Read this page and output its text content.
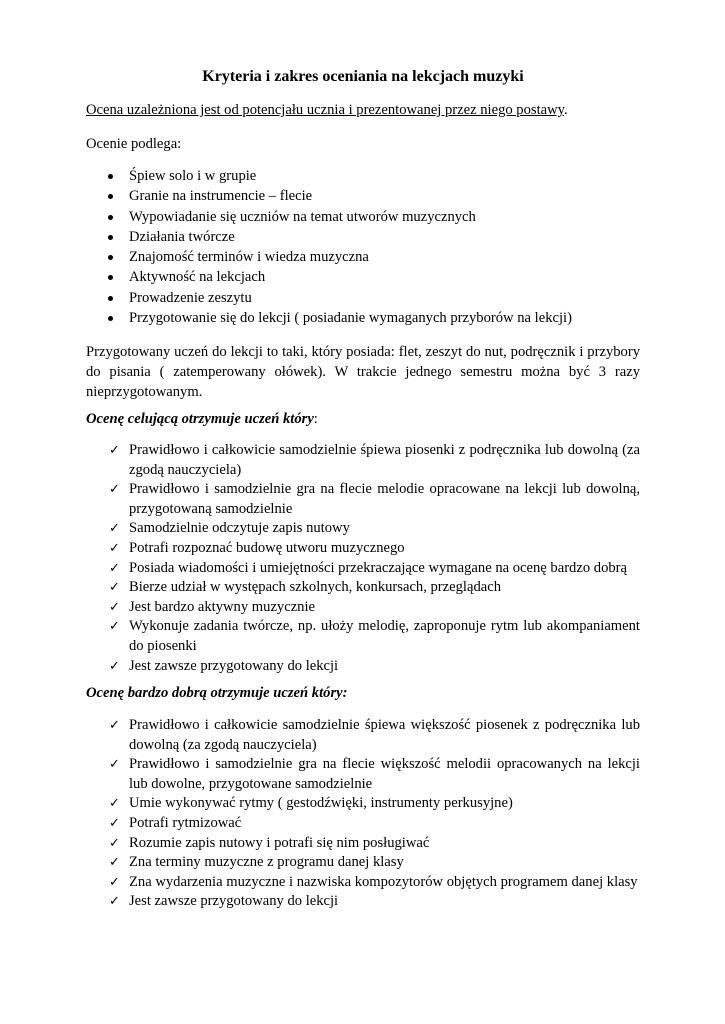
Kryteria i zakres oceniania na lekcjach muzyki
Ocena uzależniona jest od potencjału ucznia i prezentowanej przez niego postawy.
Ocenie podlega:
Śpiew solo i w grupie
Granie na instrumencie – flecie
Wypowiadanie się uczniów na temat utworów muzycznych
Działania twórcze
Znajomość terminów i wiedza muzyczna
Aktywność na lekcjach
Prowadzenie zeszytu
Przygotowanie się do lekcji ( posiadanie wymaganych przyborów na lekcji)
Przygotowany uczeń do lekcji to taki, który posiada: flet, zeszyt do nut, podręcznik i przybory do pisania ( zatemperowany ołówek). W trakcie jednego semestru można być 3 razy nieprzygotowanym.
Ocenę celującą otrzymuje uczeń który:
✓ Prawidłowo i całkowicie samodzielnie śpiewa piosenki z podręcznika lub dowolną (za zgodą nauczyciela)
✓ Prawidłowo i samodzielnie gra na flecie melodie opracowane na lekcji lub dowolną, przygotowaną samodzielnie
✓ Samodzielnie odczytuje zapis nutowy
✓ Potrafi rozpoznać budowę utworu muzycznego
✓ Posiada wiadomości i umiejętności przekraczające wymagane na ocenę bardzo dobrą
✓ Bierze udział w występach szkolnych, konkursach, przeglądach
✓ Jest bardzo aktywny muzycznie
✓ Wykonuje zadania twórcze, np. ułoży melodię, zaproponuje rytm lub akompaniament do piosenki
✓ Jest zawsze przygotowany do lekcji
Ocenę bardzo dobrą otrzymuje uczeń który:
✓ Prawidłowo i całkowicie samodzielnie śpiewa większość piosenek z podręcznika lub dowolną (za zgodą nauczyciela)
✓ Prawidłowo i samodzielnie gra na flecie większość melodii opracowanych na lekcji lub dowolne, przygotowane samodzielnie
✓ Umie wykonywać rytmy ( gestodźwięki, instrumenty perkusyjne)
✓ Potrafi rytmizować
✓ Rozumie zapis nutowy i potrafi się nim posługiwać
✓ Zna terminy muzyczne z programu danej klasy
✓ Zna wydarzenia muzyczne i nazwiska kompozytorów objętych programem danej klasy
✓ Jest zawsze przygotowany do lekcji
